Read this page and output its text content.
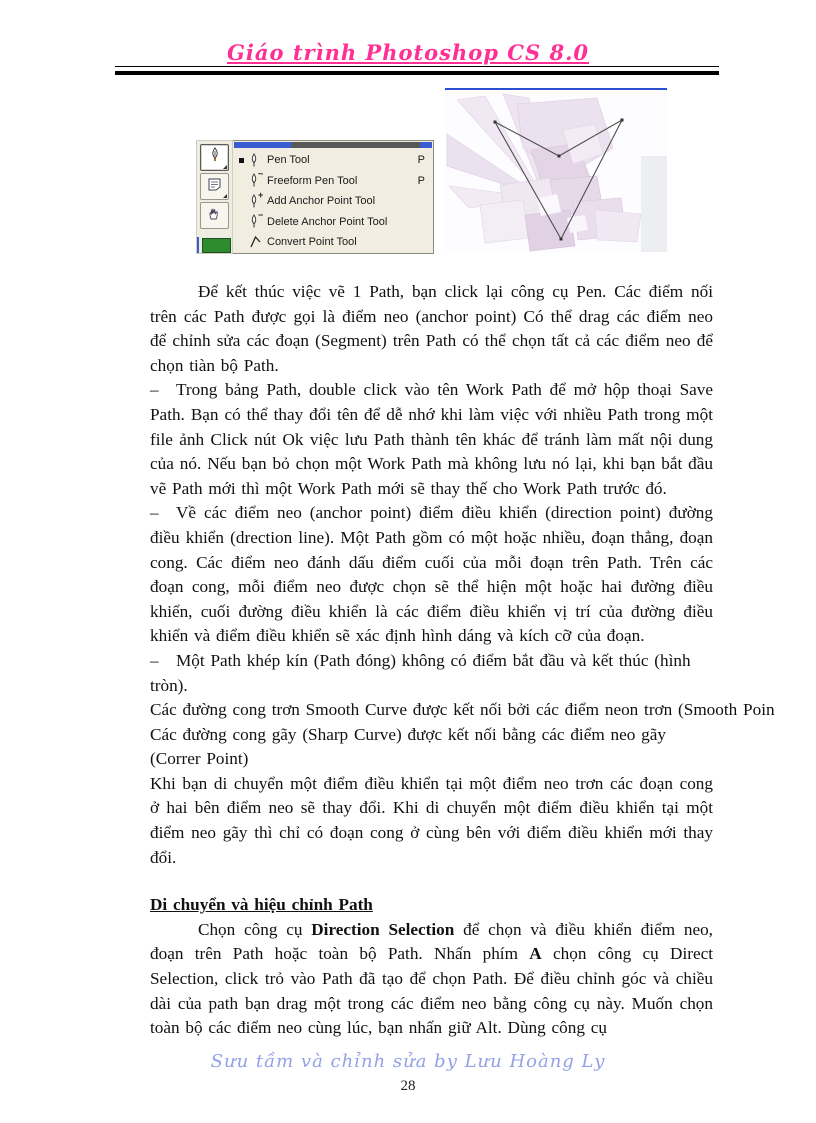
Giáo trình Photoshop CS 8.0
Pen Tool	P
~
Freeform Pen Tool	P
+
Add Anchor Point Tool
−
Delete Anchor Point Tool
Convert Point Tool

Để kết thúc việc vẽ 1 Path, bạn click lại công cụ Pen. Các điểm nối trên các Path được gọi là điểm neo (anchor point) Có thể drag các điểm neo để chỉnh sửa các đoạn (Segment) trên Path có thể chọn tất cả các điểm neo để chọn tiàn bộ Path.

– Trong bảng Path, double click vào tên Work Path để mở hộp thoại Save Path. Bạn có thể thay đổi tên để dễ nhớ khi làm việc với nhiều Path trong một file ảnh Click nút Ok việc lưu Path thành tên khác để tránh làm mất nội dung của nó. Nếu bạn bỏ chọn một Work Path mà không lưu nó lại, khi bạn bắt đầu vẽ Path mới thì một Work Path mới sẽ thay thế cho Work Path trước đó.

– Về các điểm neo (anchor point) điểm điều khiển (direction point) đường điều khiển (drection line). Một Path gồm có một hoặc nhiều, đoạn thẳng, đoạn cong. Các điểm neo đánh dấu điểm cuối của mỗi đoạn trên Path. Trên các đoạn cong, mỗi điểm neo được chọn sẽ thể hiện một hoặc hai đường điều khiển, cuối đường điều khiển là các điểm điều khiển vị trí của đường điều khiển và điểm điều khiển sẽ xác định hình dáng và kích cỡ của đoạn.

– Một Path khép kín (Path đóng) không có điểm bắt đầu và kết thúc (hình tròn).

Các đường cong trơn Smooth Curve được kết nối bởi các điểm neon trơn (Smooth Poin

Các đường cong gãy (Sharp Curve) được kết nối bằng các điểm neo gãy

(Correr Point)

Khi bạn di chuyển một điểm điều khiển tại một điểm neo trơn các đoạn cong ở hai bên điểm neo sẽ thay đổi. Khi di chuyển một điểm điều khiển tại một điểm neo gãy thì chỉ có đoạn cong ở cùng bên với điểm điều khiển mới thay đổi.

Di chuyển và hiệu chỉnh Path

Chọn công cụ Direction Selection để chọn và điều khiển điểm neo, đoạn trên Path hoặc toàn bộ Path. Nhấn phím A chọn công cụ Direct Selection, click trỏ vào Path đã tạo để chọn Path. Để điều chỉnh góc và chiều dài của path bạn drag một trong các điểm neo bằng công cụ này. Muốn chọn toàn bộ các điểm neo cùng lúc, bạn nhấn giữ Alt. Dùng công cụ

Sưu tầm và chỉnh sửa by Lưu Hoàng Ly
28
